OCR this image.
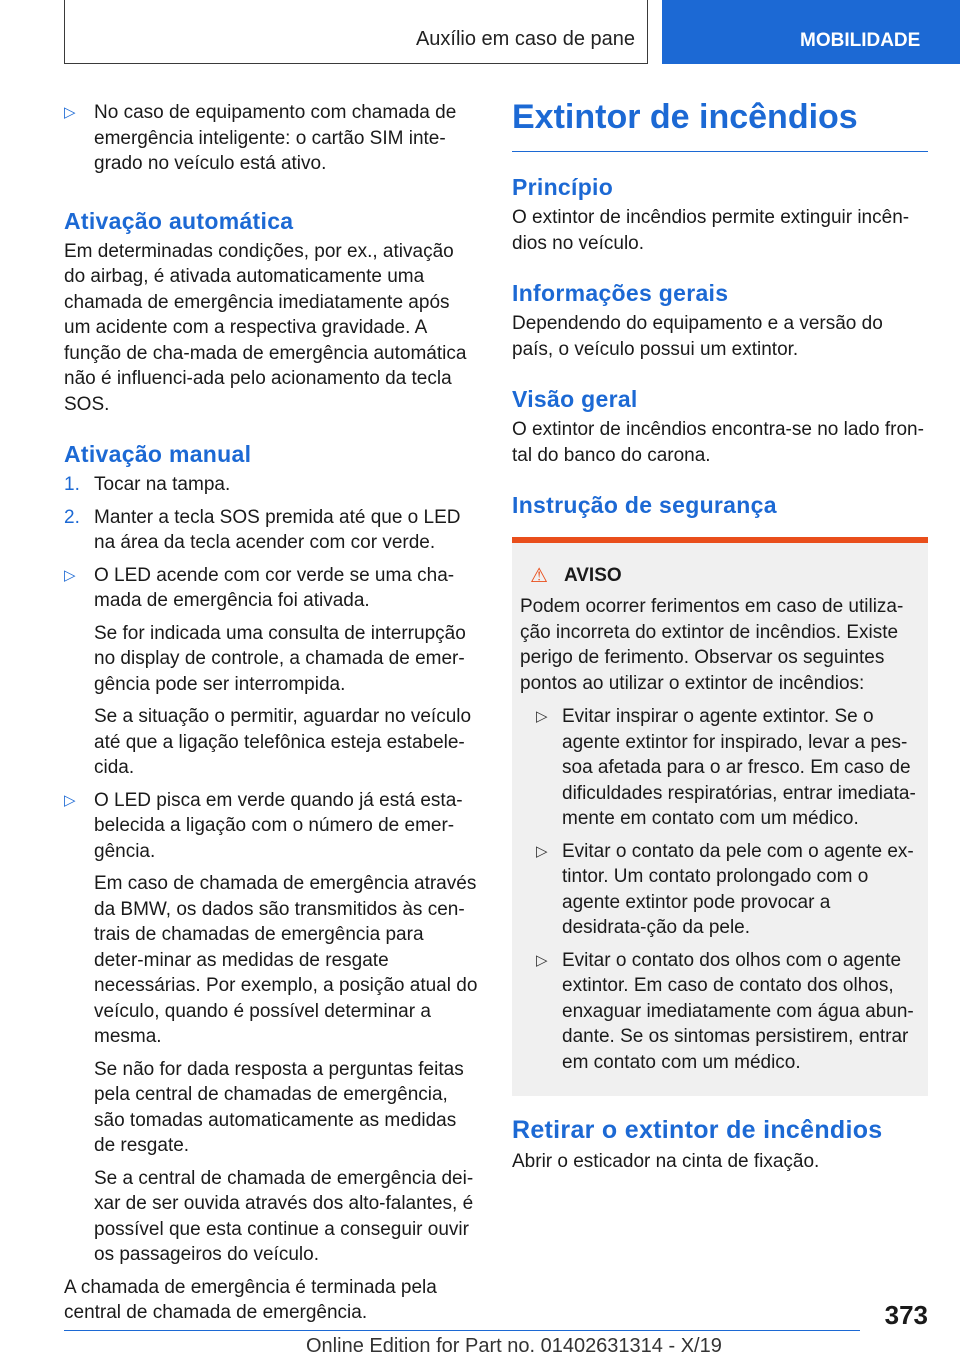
Auxílio em caso de pane	MOBILIDADE
▷ No caso de equipamento com chamada de emergência inteligente: o cartão SIM inte-grado no veículo está ativo.
Ativação automática

Em determinadas condições, por ex., ativação do airbag, é ativada automaticamente uma chamada de emergência imediatamente após um acidente com a respectiva gravidade. A função de cha-mada de emergência automática não é influenci-ada pelo acionamento da tecla SOS.

Ativação manual
1. Tocar na tampa.
2. Manter a tecla SOS premida até que o LED na área da tecla acender com cor verde.
▷ O LED acende com cor verde se uma cha-mada de emergência foi ativada.

Se for indicada uma consulta de interrupção no display de controle, a chamada de emer-gência pode ser interrompida.

Se a situação o permitir, aguardar no veículo até que a ligação telefônica esteja estabele-cida.

▷ O LED pisca em verde quando já está esta-belecida a ligação com o número de emer-gência.

Em caso de chamada de emergência através da BMW, os dados são transmitidos às cen-trais de chamadas de emergência para deter-minar as medidas de resgate necessárias. Por exemplo, a posição atual do veículo, quando é possível determinar a mesma.

Se não for dada resposta a perguntas feitas pela central de chamadas de emergência, são tomadas automaticamente as medidas de resgate.

Se a central de chamada de emergência dei-xar de ser ouvida através dos alto-falantes, é possível que esta continue a conseguir ouvir os passageiros do veículo.

A chamada de emergência é terminada pela central de chamada de emergência.

Extintor de incêndios
Princípio

O extintor de incêndios permite extinguir incên-dios no veículo.

Informações gerais

Dependendo do equipamento e a versão do país, o veículo possui um extintor.

Visão geral

O extintor de incêndios encontra-se no lado fron-tal do banco do carona.

Instrução de segurança
⚠ AVISO

Podem ocorrer ferimentos em caso de utiliza-ção incorreta do extintor de incêndios. Existe perigo de ferimento. Observar os seguintes pontos ao utilizar o extintor de incêndios:

▷ Evitar inspirar o agente extintor. Se o agente extintor for inspirado, levar a pes-soa afetada para o ar fresco. Em caso de dificuldades respiratórias, entrar imediata-mente em contato com um médico.
▷ Evitar o contato da pele com o agente ex-tintor. Um contato prolongado com o agente extintor pode provocar a desidrata-ção da pele.
▷ Evitar o contato dos olhos com o agente extintor. Em caso de contato dos olhos, enxaguar imediatamente com água abun-dante. Se os sintomas persistirem, entrar em contato com um médico.
Retirar o extintor de incêndios

Abrir o esticador na cinta de fixação.

373
Online Edition for Part no. 01402631314 - X/19
